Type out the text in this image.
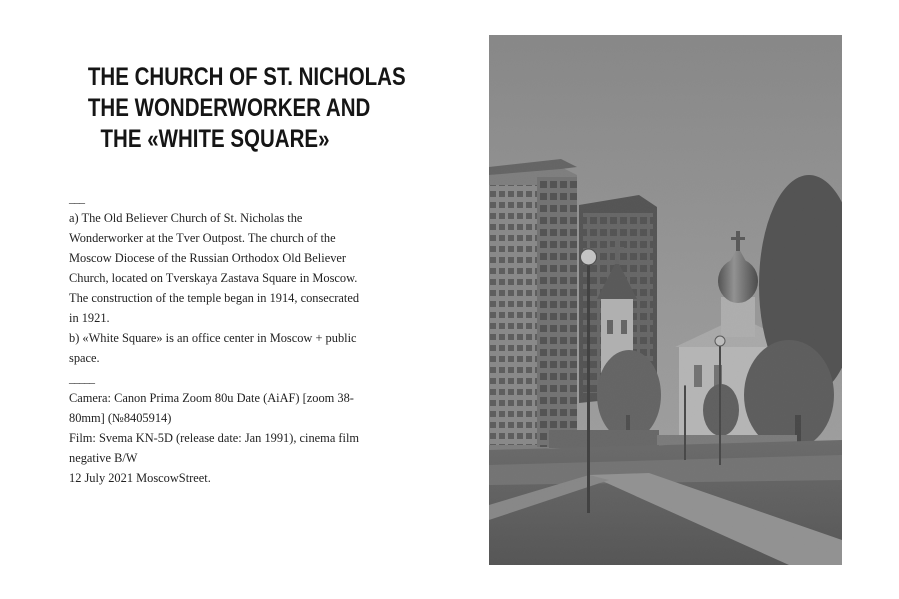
THE CHURCH OF ST. NICHOLAS
THE WONDERWORKER AND
THE «WHITE SQUARE»
___

a) The Old Believer Church of St. Nicholas the Wonderworker at the Tver Outpost. The church of the Moscow Diocese of the Russian Orthodox Old Believer Church, located on Tverskaya Zastava Square in Moscow. The construction of the temple began in 1914, consecrated in 1921.

b) «White Square» is an office center in Moscow + public space.

_____

Camera: Canon Prima Zoom 80u Date (AiAF) [zoom 38-80mm] (№8405914)

Film: Svema KN-5D (release date: Jan 1991), cinema film negative B/W

12 July 2021 MoscowStreet.
